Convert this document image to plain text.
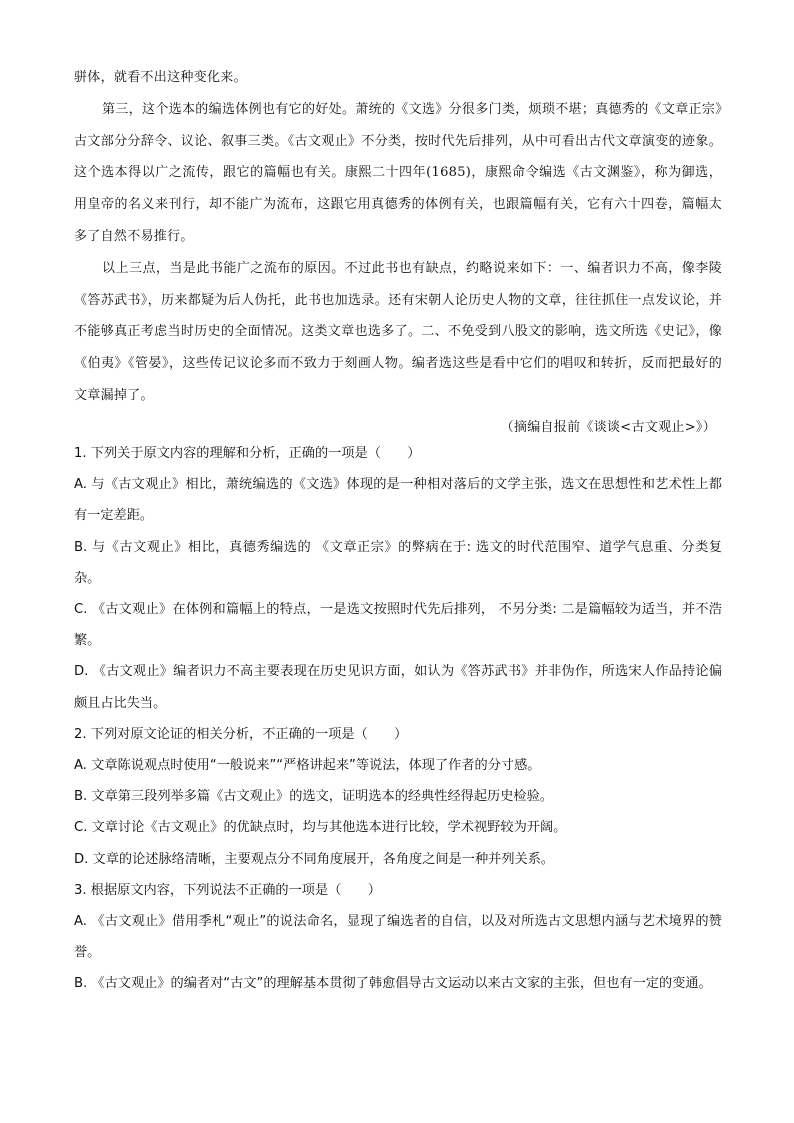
骈体，就看不出这种变化来。

第三，这个选本的编选体例也有它的好处。萧统的《文选》分很多门类，烦琐不堪；真德秀的《文章正宗》古文部分分辞令、议论、叙事三类。《古文观止》不分类，按时代先后排列，从中可看出古代文章演变的迹象。这个选本得以广之流传，跟它的篇幅也有关。康熙二十四年(1685)，康熙命令编选《古文渊鉴》，称为御选，用皇帝的名义来刊行，却不能广为流布，这跟它用真德秀的体例有关，也跟篇幅有关，它有六十四卷，篇幅太多了自然不易推行。

以上三点，当是此书能广之流布的原因。不过此书也有缺点，约略说来如下：一、编者识力不高，像李陵《答苏武书》，历来都疑为后人伪托，此书也加选录。还有宋朝人论历史人物的文章，往往抓住一点发议论，并不能够真正考虑当时历史的全面情况。这类文章也选多了。二、不免受到八股文的影响，选文所选《史记》，像《伯夷》《管晏》，这些传记议论多而不致力于刻画人物。编者选这些是看中它们的唱叹和转折，反而把最好的文章漏掉了。

（摘编自报前《谈谈<古文观止>》）

1. 下列关于原文内容的理解和分析，正确的一项是（　　）

A. 与《古文观止》相比，萧统编选的《文选》体现的是一种相对落后的文学主张，选文在思想性和艺术性上都有一定差距。

B. 与《古文观止》相比，真德秀编选的 《文章正宗》的弊病在于: 选文的时代范围窄、道学气息重、分类复杂。

C. 《古文观止》在体例和篇幅上的特点，一是选文按照时代先后排列， 不另分类: 二是篇幅较为适当，并不浩繁。

D. 《古文观止》编者识力不高主要表现在历史见识方面，如认为《答苏武书》并非伪作，所选宋人作品持论偏颇且占比失当。

2. 下列对原文论证的相关分析，不正确的一项是（　　）

A. 文章陈说观点时使用“一般说来”“严格讲起来”等说法，体现了作者的分寸感。

B. 文章第三段列举多篇《古文观止》的选文，证明选本的经典性经得起历史检验。

C. 文章讨论《古文观止》的优缺点时，均与其他选本进行比较，学术视野较为开阔。

D. 文章的论述脉络清晰，主要观点分不同角度展开，各角度之间是一种并列关系。

3. 根据原文内容，下列说法不正确的一项是（　　）

A. 《古文观止》借用季札“观止”的说法命名，显现了编选者的自信，以及对所选古文思想内涵与艺术境界的赞誉。

B. 《古文观止》的编者对“古文”的理解基本贯彻了韩愈倡导古文运动以来古文家的主张，但也有一定的变通。
